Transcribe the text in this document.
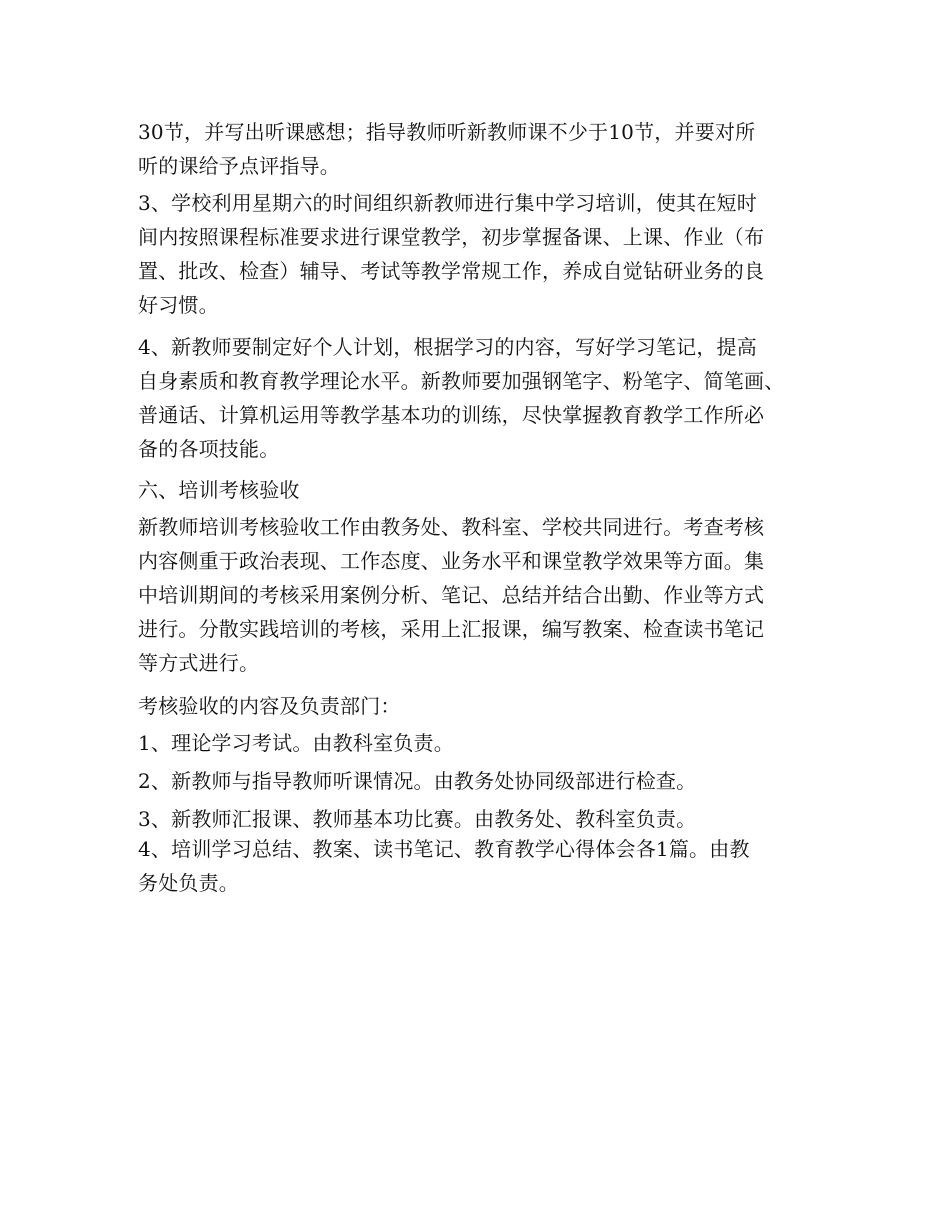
30节，并写出听课感想；指导教师听新教师课不少于10节，并要对所
听的课给予点评指导。
3、学校利用星期六的时间组织新教师进行集中学习培训，使其在短时
间内按照课程标准要求进行课堂教学，初步掌握备课、上课、作业（布
置、批改、检查）辅导、考试等教学常规工作，养成自觉钻研业务的良
好习惯。
4、新教师要制定好个人计划，根据学习的内容，写好学习笔记，提高
自身素质和教育教学理论水平。新教师要加强钢笔字、粉笔字、简笔画、
普通话、计算机运用等教学基本功的训练，尽快掌握教育教学工作所必
备的各项技能。
六、培训考核验收
新教师培训考核验收工作由教务处、教科室、学校共同进行。考查考核
内容侧重于政治表现、工作态度、业务水平和课堂教学效果等方面。集
中培训期间的考核采用案例分析、笔记、总结并结合出勤、作业等方式
进行。分散实践培训的考核，采用上汇报课，编写教案、检查读书笔记
等方式进行。
考核验收的内容及负责部门：
1、理论学习考试。由教科室负责。
2、新教师与指导教师听课情况。由教务处协同级部进行检查。
3、新教师汇报课、教师基本功比赛。由教务处、教科室负责。
4、培训学习总结、教案、读书笔记、教育教学心得体会各1篇。由教
务处负责。
